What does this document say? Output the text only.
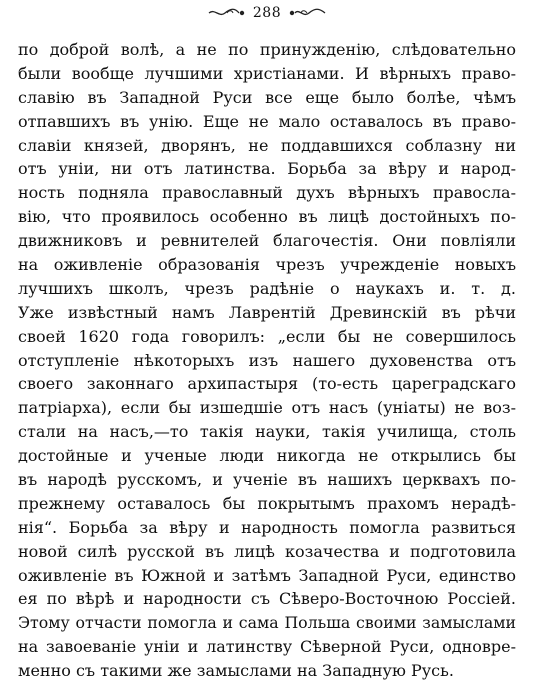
288
по доброй волѣ, а не по принужденію, слѣдовательно
были вообще лучшими христіанами. И вѣрныхъ право-
славію въ Западной Руси все еще было болѣе, чѣмъ
отпавшихъ въ унію. Еще не мало оставалось въ право-
славіи князей, дворянъ, не поддавшихся соблазну ни
отъ уніи, ни отъ латинства. Борьба за вѣру и народ-
ность подняла православный духъ вѣрныхъ правосла-
вію, что проявилось особенно въ лицѣ достойныхъ по-
движниковъ и ревнителей благочестія. Они повліяли
на оживленіе образованія чрезъ учрежденіе новыхъ
лучшихъ школъ, чрезъ радѣніе о наукахъ и. т. д.
Уже извѣстный намъ Лаврентій Древинскій въ рѣчи
своей 1620 года говорилъ: „если бы не совершилось
отступленіе нѣкоторыхъ изъ нашего духовенства отъ
своего законнаго архипастыря (то-есть цареградскаго
патріарха), если бы изшедшіе отъ насъ (уніаты) не воз-
стали на насъ,—то такія науки, такія училища, столь
достойные и ученые люди никогда не открылись бы
въ народѣ русскомъ, и ученіе въ нашихъ церквахъ по-
прежнему оставалось бы покрытымъ прахомъ нерадѣ-
нія“. Борьба за вѣру и народность помогла развиться
новой силѣ русской въ лицѣ козачества и подготовила
оживленіе въ Южной и затѣмъ Западной Руси, единство
ея по вѣрѣ и народности съ Сѣверо-Восточною Россіей.
Этому отчасти помогла и сама Польша своими замыслами
на завоеваніе уніи и латинству Сѣверной Руси, одновре-
менно съ такими же замыслами на Западную Русь.
